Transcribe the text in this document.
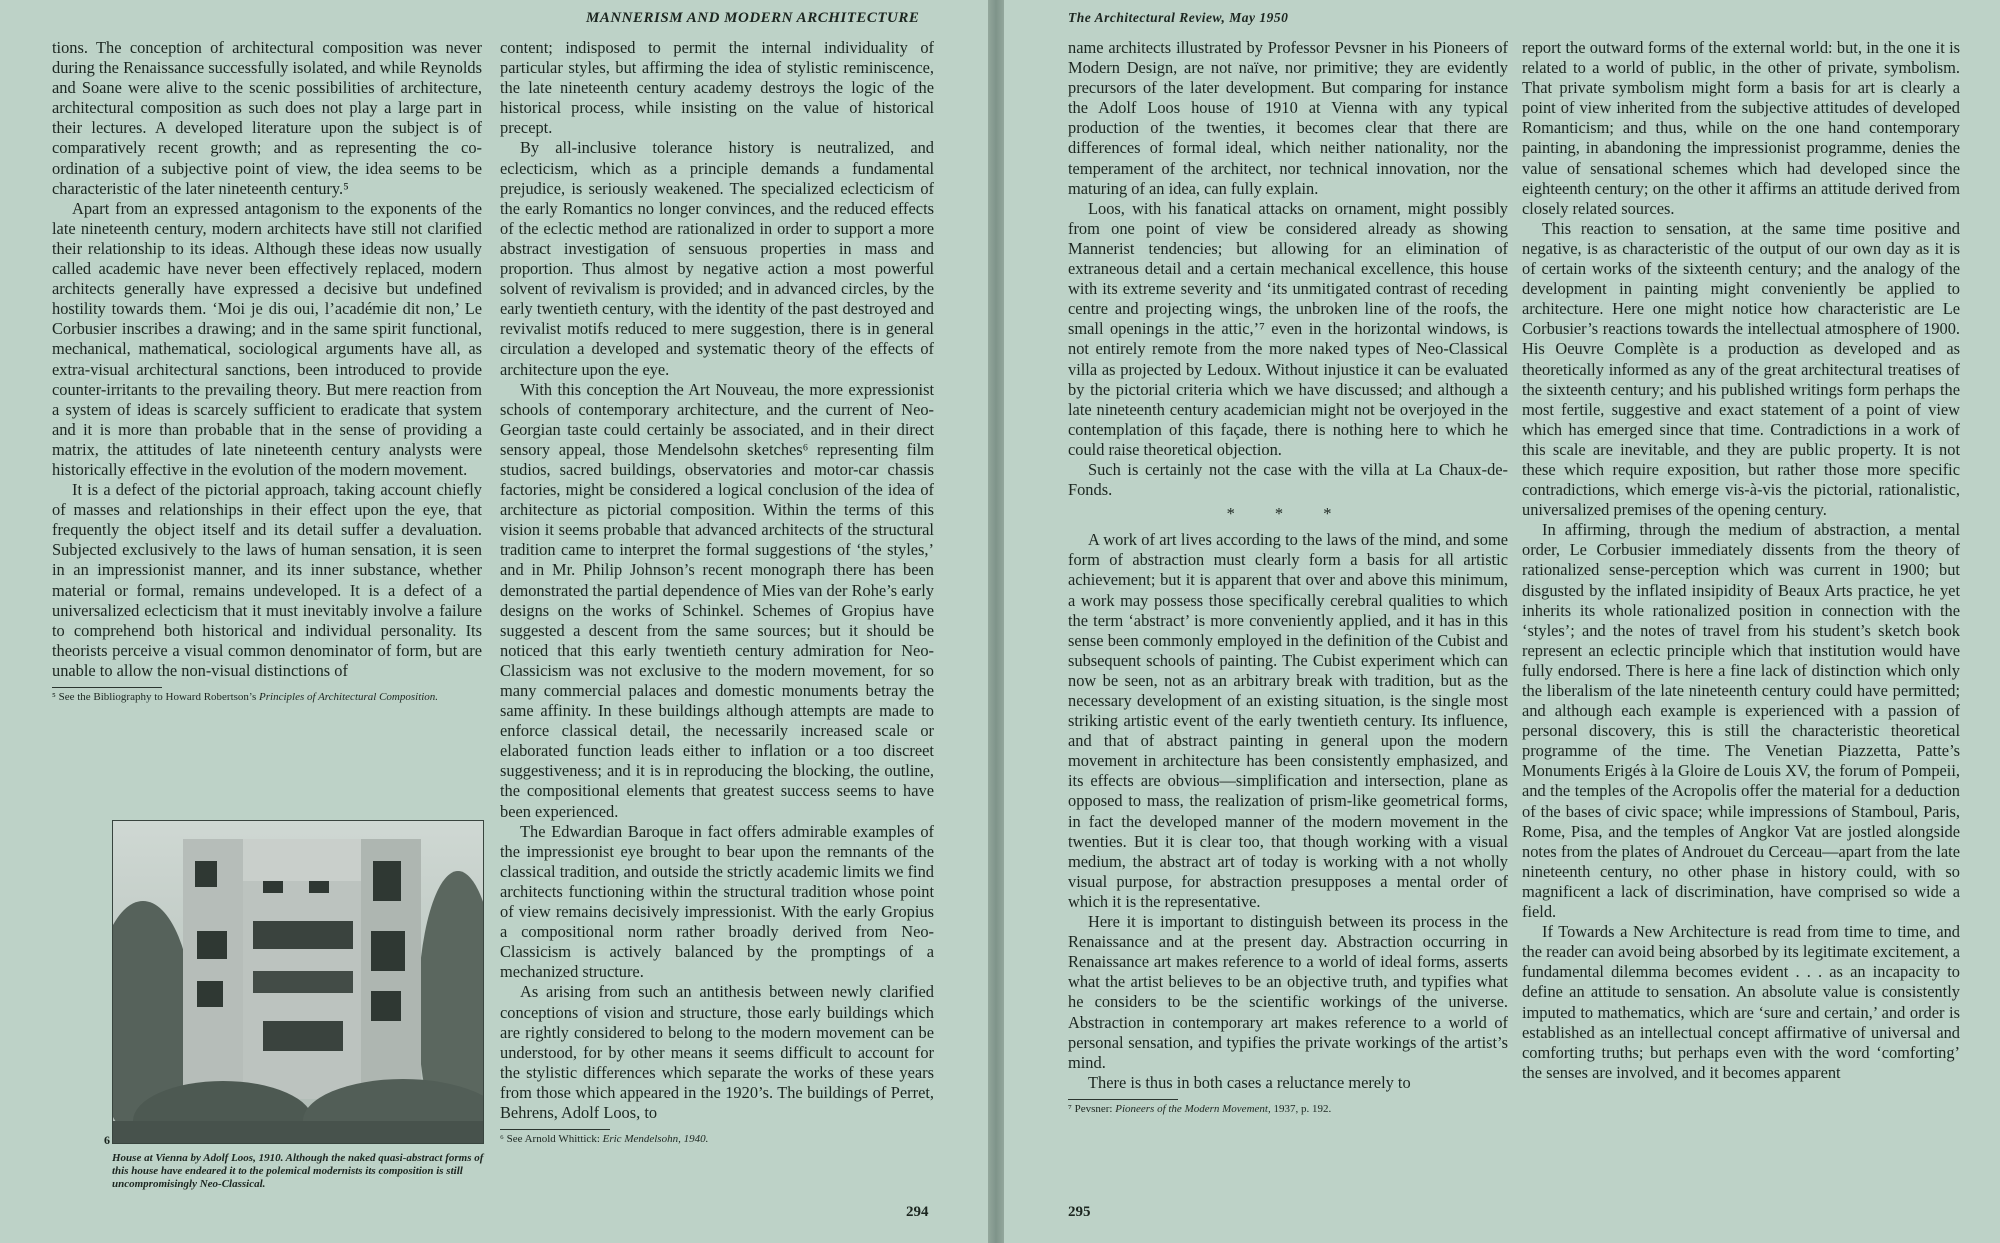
MANNERISM AND MODERN ARCHITECTURE

tions. The conception of architectural composition was never during the Renaissance successfully isolated, and while Reynolds and Soane were alive to the scenic possibilities of architecture, architectural composition as such does not play a large part in their lectures. A developed literature upon the subject is of comparatively recent growth; and as representing the co-ordination of a subjective point of view, the idea seems to be characteristic of the later nineteenth century.⁵

Apart from an expressed antagonism to the exponents of the late nineteenth century, modern architects have still not clarified their relationship to its ideas. Although these ideas now usually called academic have never been effectively replaced, modern architects generally have expressed a decisive but undefined hostility towards them. ‘Moi je dis oui, l’académie dit non,’ Le Corbusier inscribes a drawing; and in the same spirit functional, mechanical, mathematical, sociological arguments have all, as extra-visual architectural sanctions, been introduced to provide counter-irritants to the prevailing theory. But mere reaction from a system of ideas is scarcely sufficient to eradicate that system and it is more than probable that in the sense of providing a matrix, the attitudes of late nineteenth century analysts were historically effective in the evolution of the modern movement.

It is a defect of the pictorial approach, taking account chiefly of masses and relationships in their effect upon the eye, that frequently the object itself and its detail suffer a devaluation. Subjected exclusively to the laws of human sensation, it is seen in an impressionist manner, and its inner substance, whether material or formal, remains undeveloped. It is a defect of a universalized eclecticism that it must inevitably involve a failure to comprehend both historical and individual personality. Its theorists perceive a visual common denominator of form, but are unable to allow the non-visual distinctions of

⁵ See the Bibliography to Howard Robertson’s Principles of Architectural Composition.
6
House at Vienna by Adolf Loos, 1910. Although the naked quasi-abstract forms of this house have endeared it to the polemical modernists its composition is still uncompromisingly Neo-Classical.

content; indisposed to permit the internal individuality of particular styles, but affirming the idea of stylistic reminiscence, the late nineteenth century academy destroys the logic of the historical process, while insisting on the value of historical precept.

By all-inclusive tolerance history is neutralized, and eclecticism, which as a principle demands a fundamental prejudice, is seriously weakened. The specialized eclecticism of the early Romantics no longer convinces, and the reduced effects of the eclectic method are rationalized in order to support a more abstract investigation of sensuous properties in mass and proportion. Thus almost by negative action a most powerful solvent of revivalism is provided; and in advanced circles, by the early twentieth century, with the identity of the past destroyed and revivalist motifs reduced to mere suggestion, there is in general circulation a developed and systematic theory of the effects of architecture upon the eye.

With this conception the Art Nouveau, the more expressionist schools of contemporary architecture, and the current of Neo-Georgian taste could certainly be associated, and in their direct sensory appeal, those Mendelsohn sketches⁶ representing film studios, sacred buildings, observatories and motor-car chassis factories, might be considered a logical conclusion of the idea of architecture as pictorial composition. Within the terms of this vision it seems probable that advanced architects of the structural tradition came to interpret the formal suggestions of ‘the styles,’ and in Mr. Philip Johnson’s recent monograph there has been demonstrated the partial dependence of Mies van der Rohe’s early designs on the works of Schinkel. Schemes of Gropius have suggested a descent from the same sources; but it should be noticed that this early twentieth century admiration for Neo-Classicism was not exclusive to the modern movement, for so many commercial palaces and domestic monuments betray the same affinity. In these buildings although attempts are made to enforce classical detail, the necessarily increased scale or elaborated function leads either to inflation or a too discreet suggestiveness; and it is in reproducing the blocking, the outline, the compositional elements that greatest success seems to have been experienced.

The Edwardian Baroque in fact offers admirable examples of the impressionist eye brought to bear upon the remnants of the classical tradition, and outside the strictly academic limits we find architects functioning within the structural tradition whose point of view remains decisively impressionist. With the early Gropius a compositional norm rather broadly derived from Neo-Classicism is actively balanced by the promptings of a mechanized structure.

As arising from such an antithesis between newly clarified conceptions of vision and structure, those early buildings which are rightly considered to belong to the modern movement can be understood, for by other means it seems difficult to account for the stylistic differences which separate the works of these years from those which appeared in the 1920’s. The buildings of Perret, Behrens, Adolf Loos, to

⁶ See Arnold Whittick: Eric Mendelsohn, 1940.
294
The Architectural Review, May 1950

name architects illustrated by Professor Pevsner in his Pioneers of Modern Design, are not naïve, nor primitive; they are evidently precursors of the later development. But comparing for instance the Adolf Loos house of 1910 at Vienna with any typical production of the twenties, it becomes clear that there are differences of formal ideal, which neither nationality, nor the temperament of the architect, nor technical innovation, nor the maturing of an idea, can fully explain.

Loos, with his fanatical attacks on ornament, might possibly from one point of view be considered already as showing Mannerist tendencies; but allowing for an elimination of extraneous detail and a certain mechanical excellence, this house with its extreme severity and ‘its unmitigated contrast of receding centre and projecting wings, the unbroken line of the roofs, the small openings in the attic,’⁷ even in the horizontal windows, is not entirely remote from the more naked types of Neo-Classical villa as projected by Ledoux. Without injustice it can be evaluated by the pictorial criteria which we have discussed; and although a late nineteenth century academician might not be overjoyed in the contemplation of this façade, there is nothing here to which he could raise theoretical objection.

Such is certainly not the case with the villa at La Chaux-de-Fonds.

* * *

A work of art lives according to the laws of the mind, and some form of abstraction must clearly form a basis for all artistic achievement; but it is apparent that over and above this minimum, a work may possess those specifically cerebral qualities to which the term ‘abstract’ is more conveniently applied, and it has in this sense been commonly employed in the definition of the Cubist and subsequent schools of painting. The Cubist experiment which can now be seen, not as an arbitrary break with tradition, but as the necessary development of an existing situation, is the single most striking artistic event of the early twentieth century. Its influence, and that of abstract painting in general upon the modern movement in architecture has been consistently emphasized, and its effects are obvious—simplification and intersection, plane as opposed to mass, the realization of prism-like geometrical forms, in fact the developed manner of the modern movement in the twenties. But it is clear too, that though working with a visual medium, the abstract art of today is working with a not wholly visual purpose, for abstraction presupposes a mental order of which it is the representative.

Here it is important to distinguish between its process in the Renaissance and at the present day. Abstraction occurring in Renaissance art makes reference to a world of ideal forms, asserts what the artist believes to be an objective truth, and typifies what he considers to be the scientific workings of the universe. Abstraction in contemporary art makes reference to a world of personal sensation, and typifies the private workings of the artist’s mind.

There is thus in both cases a reluctance merely to

⁷ Pevsner: Pioneers of the Modern Movement, 1937, p. 192.

report the outward forms of the external world: but, in the one it is related to a world of public, in the other of private, symbolism. That private symbolism might form a basis for art is clearly a point of view inherited from the subjective attitudes of developed Romanticism; and thus, while on the one hand contemporary painting, in abandoning the impressionist programme, denies the value of sensational schemes which had developed since the eighteenth century; on the other it affirms an attitude derived from closely related sources.

This reaction to sensation, at the same time positive and negative, is as characteristic of the output of our own day as it is of certain works of the sixteenth century; and the analogy of the development in painting might conveniently be applied to architecture. Here one might notice how characteristic are Le Corbusier’s reactions towards the intellectual atmosphere of 1900. His Oeuvre Complète is a production as developed and as theoretically informed as any of the great architectural treatises of the sixteenth century; and his published writings form perhaps the most fertile, suggestive and exact statement of a point of view which has emerged since that time. Contradictions in a work of this scale are inevitable, and they are public property. It is not these which require exposition, but rather those more specific contradictions, which emerge vis-à-vis the pictorial, rationalistic, universalized premises of the opening century.

In affirming, through the medium of abstraction, a mental order, Le Corbusier immediately dissents from the theory of rationalized sense-perception which was current in 1900; but disgusted by the inflated insipidity of Beaux Arts practice, he yet inherits its whole rationalized position in connection with the ‘styles’; and the notes of travel from his student’s sketch book represent an eclectic principle which that institution would have fully endorsed. There is here a fine lack of distinction which only the liberalism of the late nineteenth century could have permitted; and although each example is experienced with a passion of personal discovery, this is still the characteristic theoretical programme of the time. The Venetian Piazzetta, Patte’s Monuments Erigés à la Gloire de Louis XV, the forum of Pompeii, and the temples of the Acropolis offer the material for a deduction of the bases of civic space; while impressions of Stamboul, Paris, Rome, Pisa, and the temples of Angkor Vat are jostled alongside notes from the plates of Androuet du Cerceau—apart from the late nineteenth century, no other phase in history could, with so magnificent a lack of discrimination, have comprised so wide a field.

If Towards a New Architecture is read from time to time, and the reader can avoid being absorbed by its legitimate excitement, a fundamental dilemma becomes evident . . . as an incapacity to define an attitude to sensation. An absolute value is consistently imputed to mathematics, which are ‘sure and certain,’ and order is established as an intellectual concept affirmative of universal and comforting truths; but perhaps even with the word ‘comforting’ the senses are involved, and it becomes apparent

295
